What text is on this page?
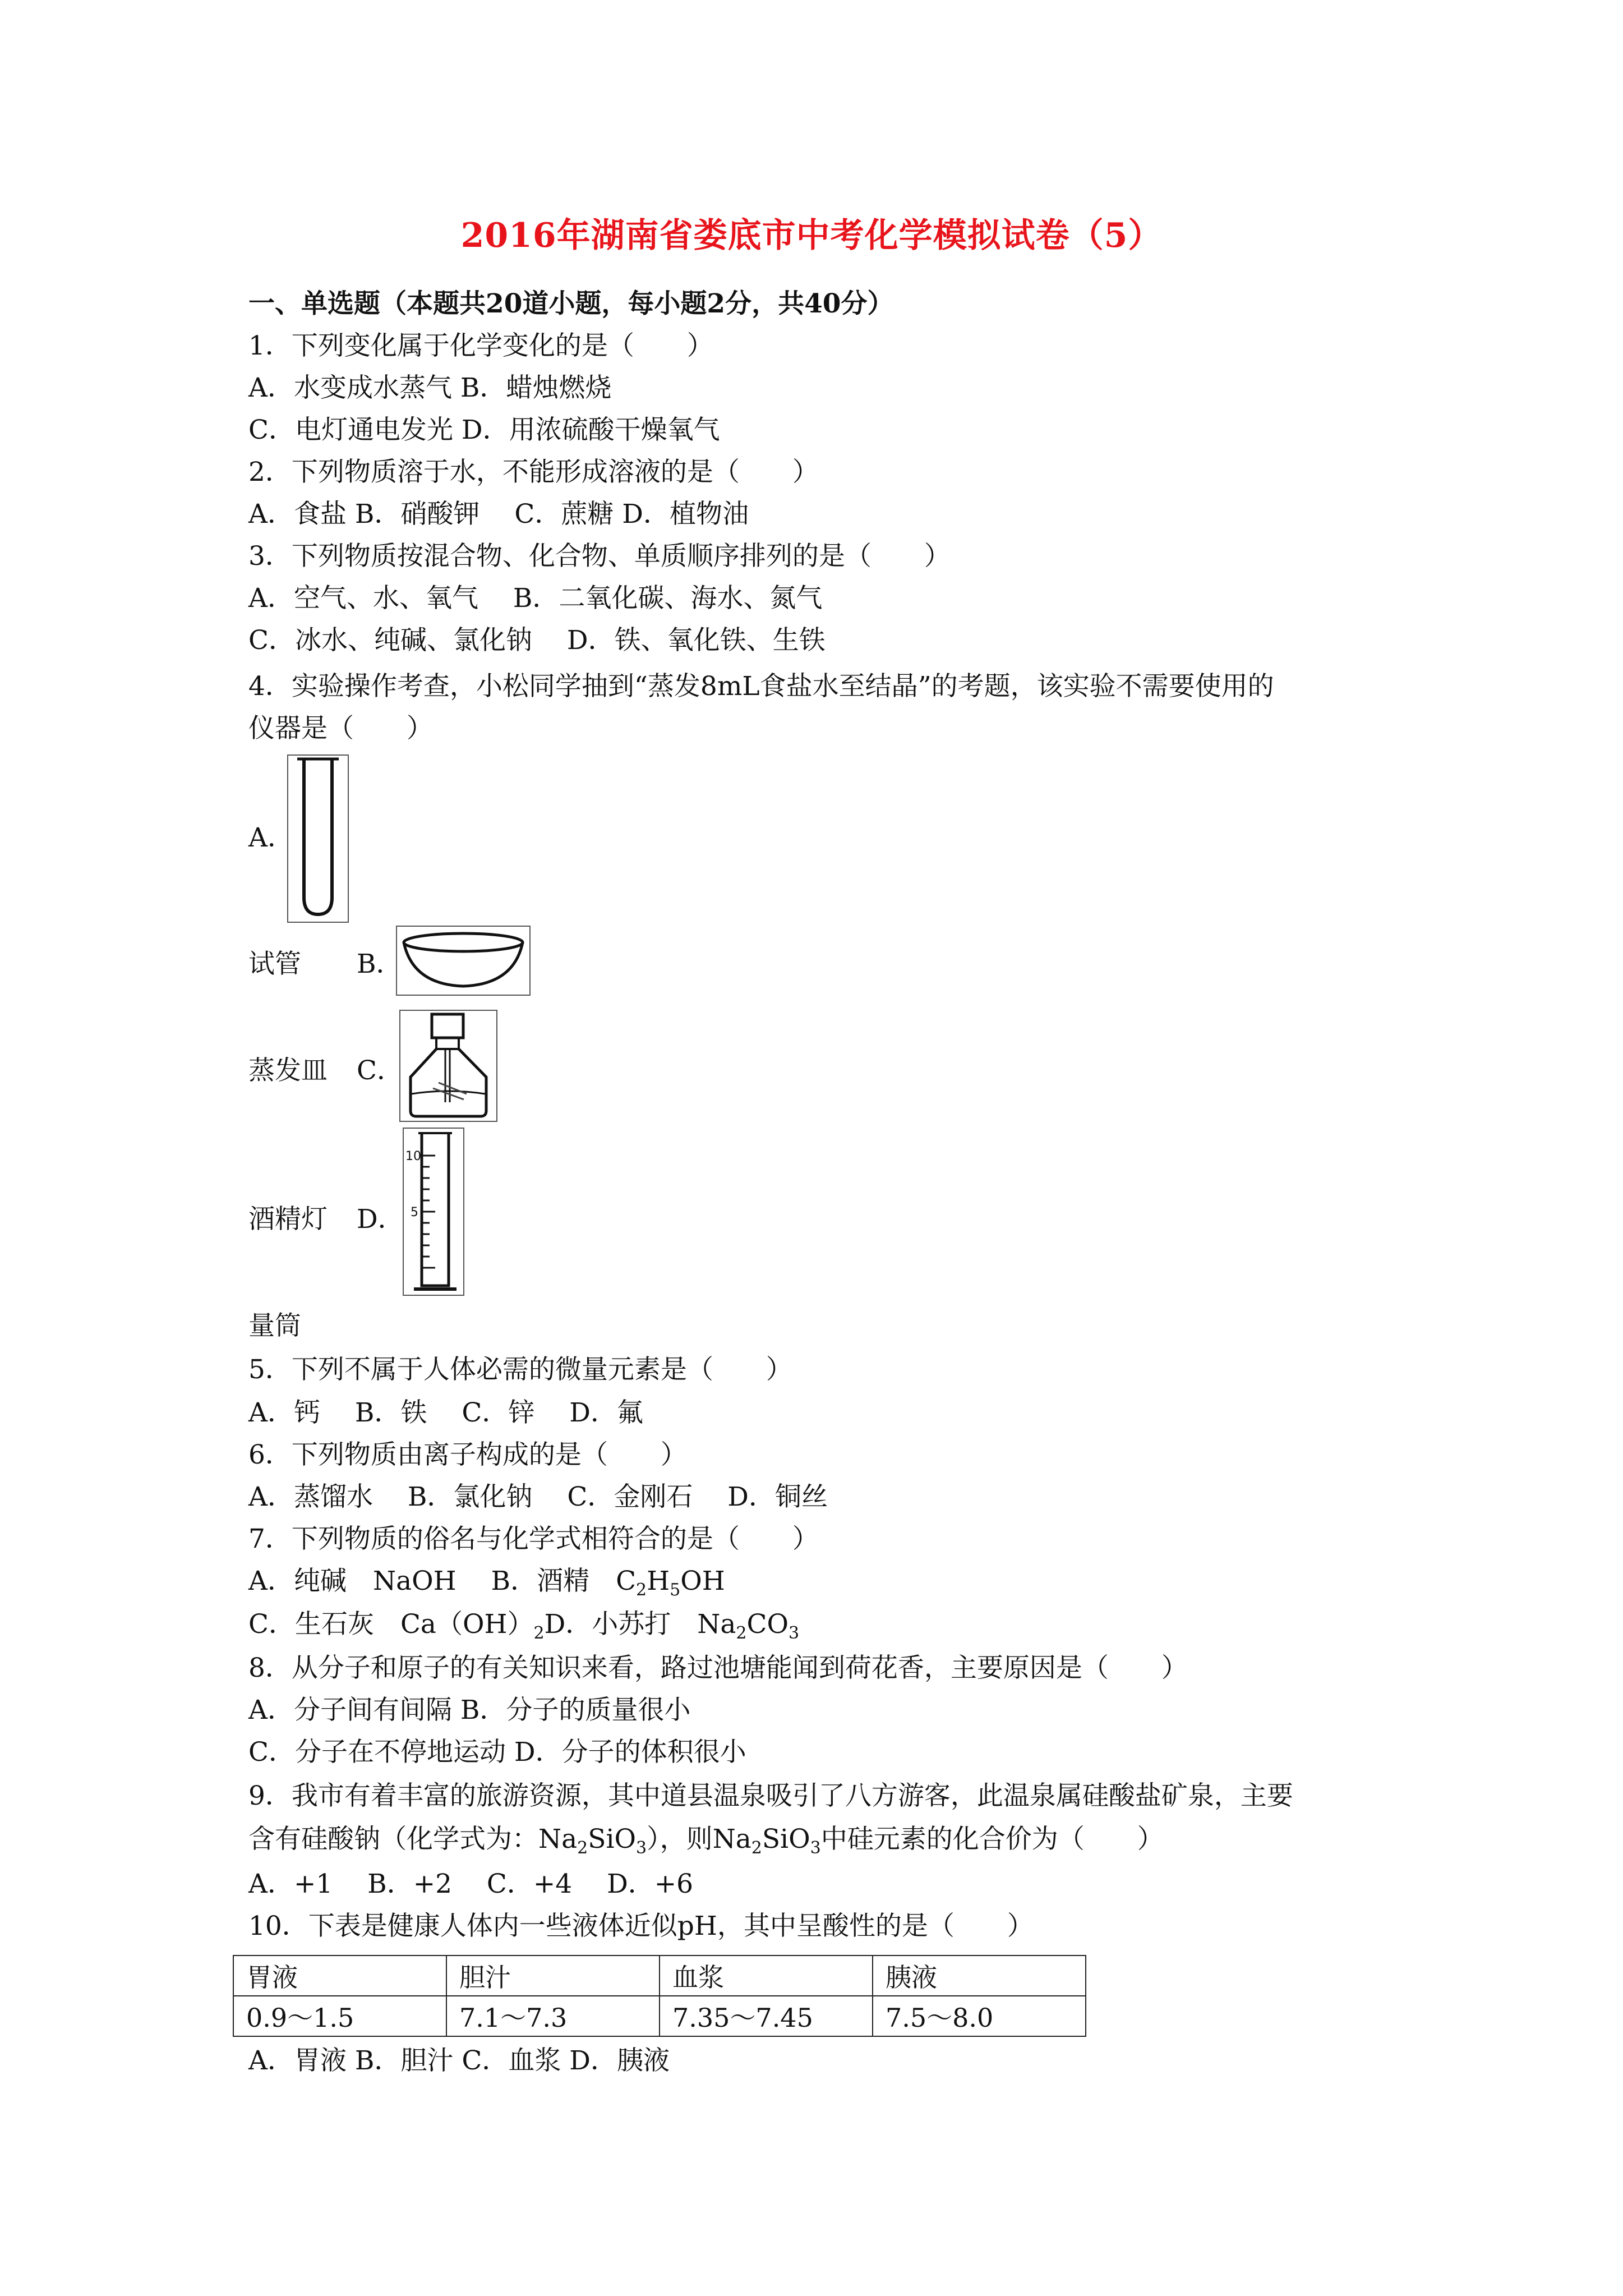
2016年湖南省娄底市中考化学模拟试卷（5）
一、单选题（本题共20道小题，每小题2分，共40分）
1．下列变化属于化学变化的是（　　）
A．水变成水蒸气 B．蜡烛燃烧
C．电灯通电发光 D．用浓硫酸干燥氧气
2．下列物质溶于水，不能形成溶液的是（　　）
A．食盐 B．硝酸钾　 C．蔗糖 D．植物油
3．下列物质按混合物、化合物、单质顺序排列的是（　　）
A．空气、水、氧气　 B．二氧化碳、海水、氮气
C．冰水、纯碱、氯化钠　 D．铁、氧化铁、生铁
4．实验操作考查，小松同学抽到“蒸发8mL食盐水至结晶”的考题，该实验不需要使用的
仪器是（　　）
A．
试管 B．
蒸发皿 C．
酒精灯 D．
10
5
量筒
5．下列不属于人体必需的微量元素是（　　）
A．钙　 B．铁　 C．锌　 D．氟
6．下列物质由离子构成的是（　　）
A．蒸馏水　 B．氯化钠　 C．金刚石　 D．铜丝
7．下列物质的俗名与化学式相符合的是（　　）
A．纯碱　NaOH　 B．酒精　$C_2H_5OH$
C．生石灰　$Ca(OH)_2D$．小苏打　$Na_2CO_3$
8．从分子和原子的有关知识来看，路过池塘能闻到荷花香，主要原因是（　　）
A．分子间有间隔 B．分子的质量很小
C．分子在不停地运动 D．分子的体积很小
9．我市有着丰富的旅游资源，其中道县温泉吸引了八方游客，此温泉属硅酸盐矿泉，主要
含有硅酸钠（化学式为：$Na_2SiO_3$），则$Na_2SiO_3$中硅元素的化合价为（　　）
A．+1　 B．+2　 C．+4　 D．+6
10．下表是健康人体内一些液体近似pH，其中呈酸性的是（　　）
胃液	胆汁	血浆	胰液
0.9～1.5	7.1～7.3	7.35～7.45	7.5～8.0
A．胃液 B．胆汁 C．血浆 D．胰液
